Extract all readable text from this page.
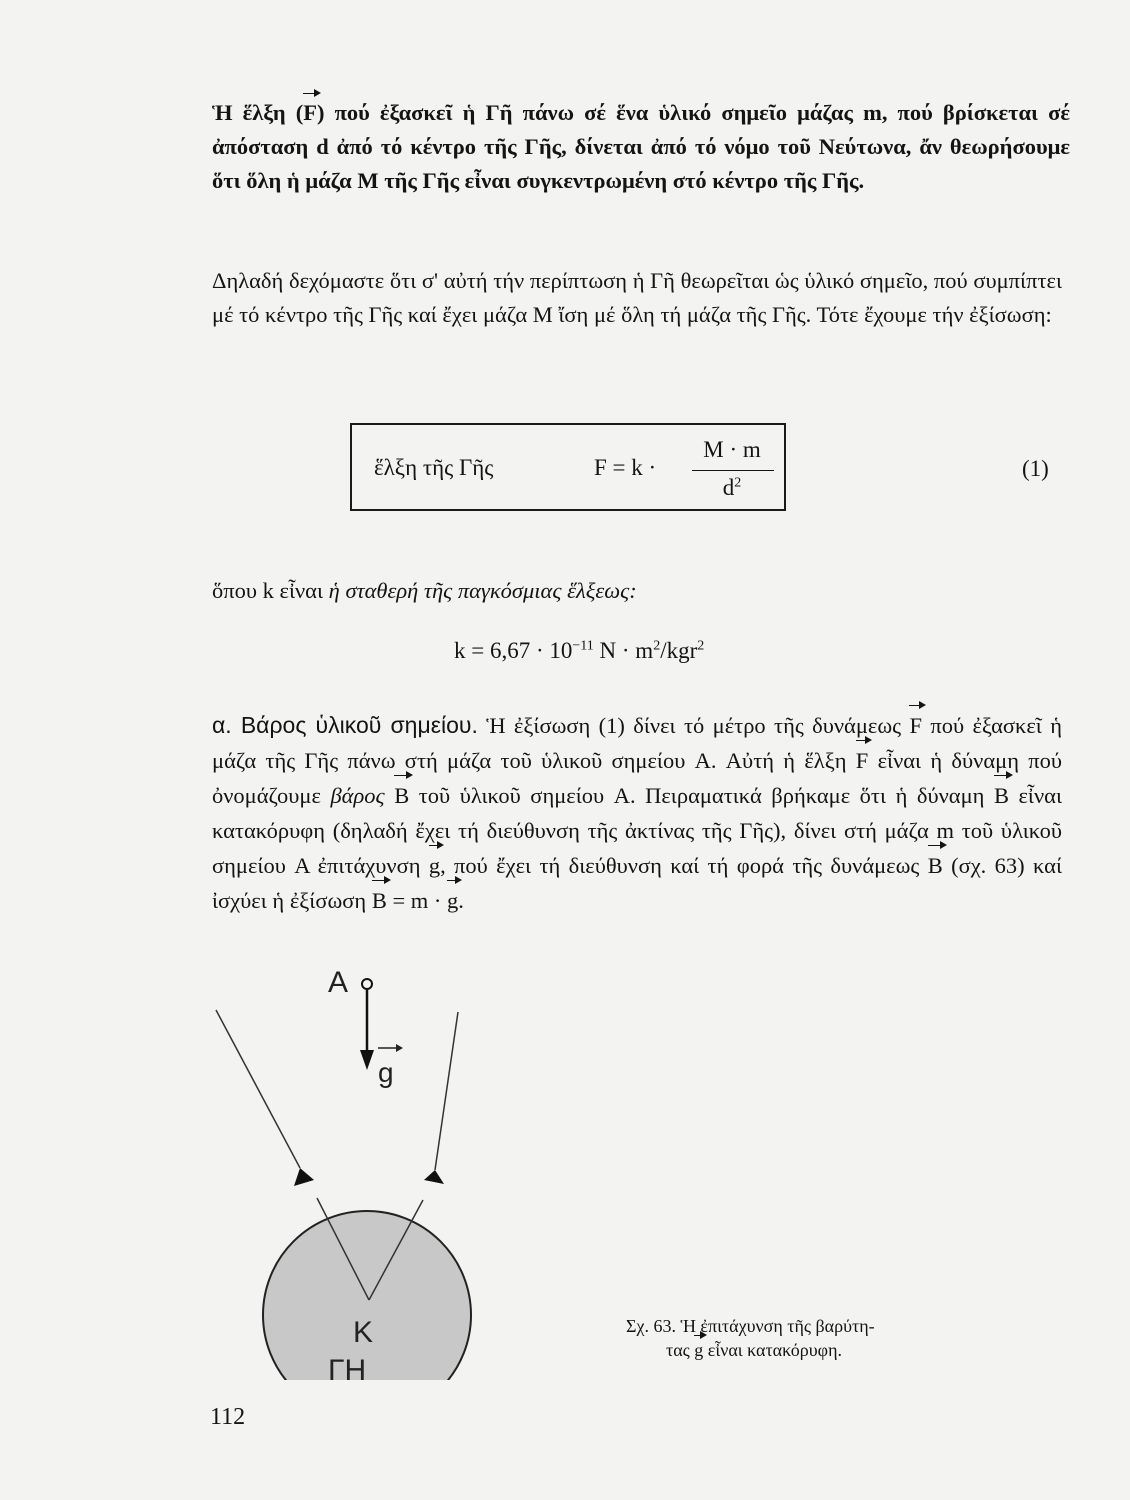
Ἡ ἕλξη (F) πού ἐξασκεῖ ἡ Γῆ πάνω σέ ἕνα ὑλικό σημεῖο μάζας m, πού βρίσκεται σέ ἀπόσταση d ἀπό τό κέντρο τῆς Γῆς, δίνεται ἀπό τό νόμο τοῦ Νεύτωνα, ἄν θεωρήσουμε ὅτι ὅλη ἡ μάζα M τῆς Γῆς εἶναι συγκεντρωμένη στό κέντρο τῆς Γῆς.
Δηλαδή δεχόμαστε ὅτι σ' αὐτή τήν περίπτωση ἡ Γῆ θεωρεῖται ὡς ὑλικό σημεῖο, πού συμπίπτει μέ τό κέντρο τῆς Γῆς καί ἔχει μάζα M ἴση μέ ὅλη τή μάζα τῆς Γῆς. Τότε ἔχουμε τήν ἐξίσωση:
ἕλξη τῆς Γῆς	F = k ·
M · m
$d^2$
(1)
ὅπου k εἶναι ἡ σταθερή τῆς παγκόσμιας ἕλξεως:
$k = 6,67 \cdot 10^{-11}$ $N \cdot m^2/kgr^2$
α. Βάρος ὑλικοῦ σημείου. Ἡ ἐξίσωση (1) δίνει τό μέτρο τῆς δυνάμεως F πού ἐξασκεῖ ἡ μάζα τῆς Γῆς πάνω στή μάζα τοῦ ὑλικοῦ σημείου A. Αὐτή ἡ ἕλξη F εἶναι ἡ δύναμη πού ὀνομάζουμε βάρος B τοῦ ὑλικοῦ σημείου A. Πειραματικά βρήκαμε ὅτι ἡ δύναμη B εἶναι κατακόρυφη (δηλαδή ἔχει τή διεύθυνση τῆς ἀκτίνας τῆς Γῆς), δίνει στή μάζα m τοῦ ὑλικοῦ σημείου A ἐπιτάχυνση g, πού ἔχει τή διεύθυνση καί τή φορά τῆς δυνάμεως B (σχ. 63) καί ἰσχύει ἡ ἐξίσωση B = m · g.
A
g
K
ΓΗ
Σχ. 63. Ἡ ἐπιτάχυνση τῆς βαρύτη-
τας g εἶναι κατακόρυφη.
112
